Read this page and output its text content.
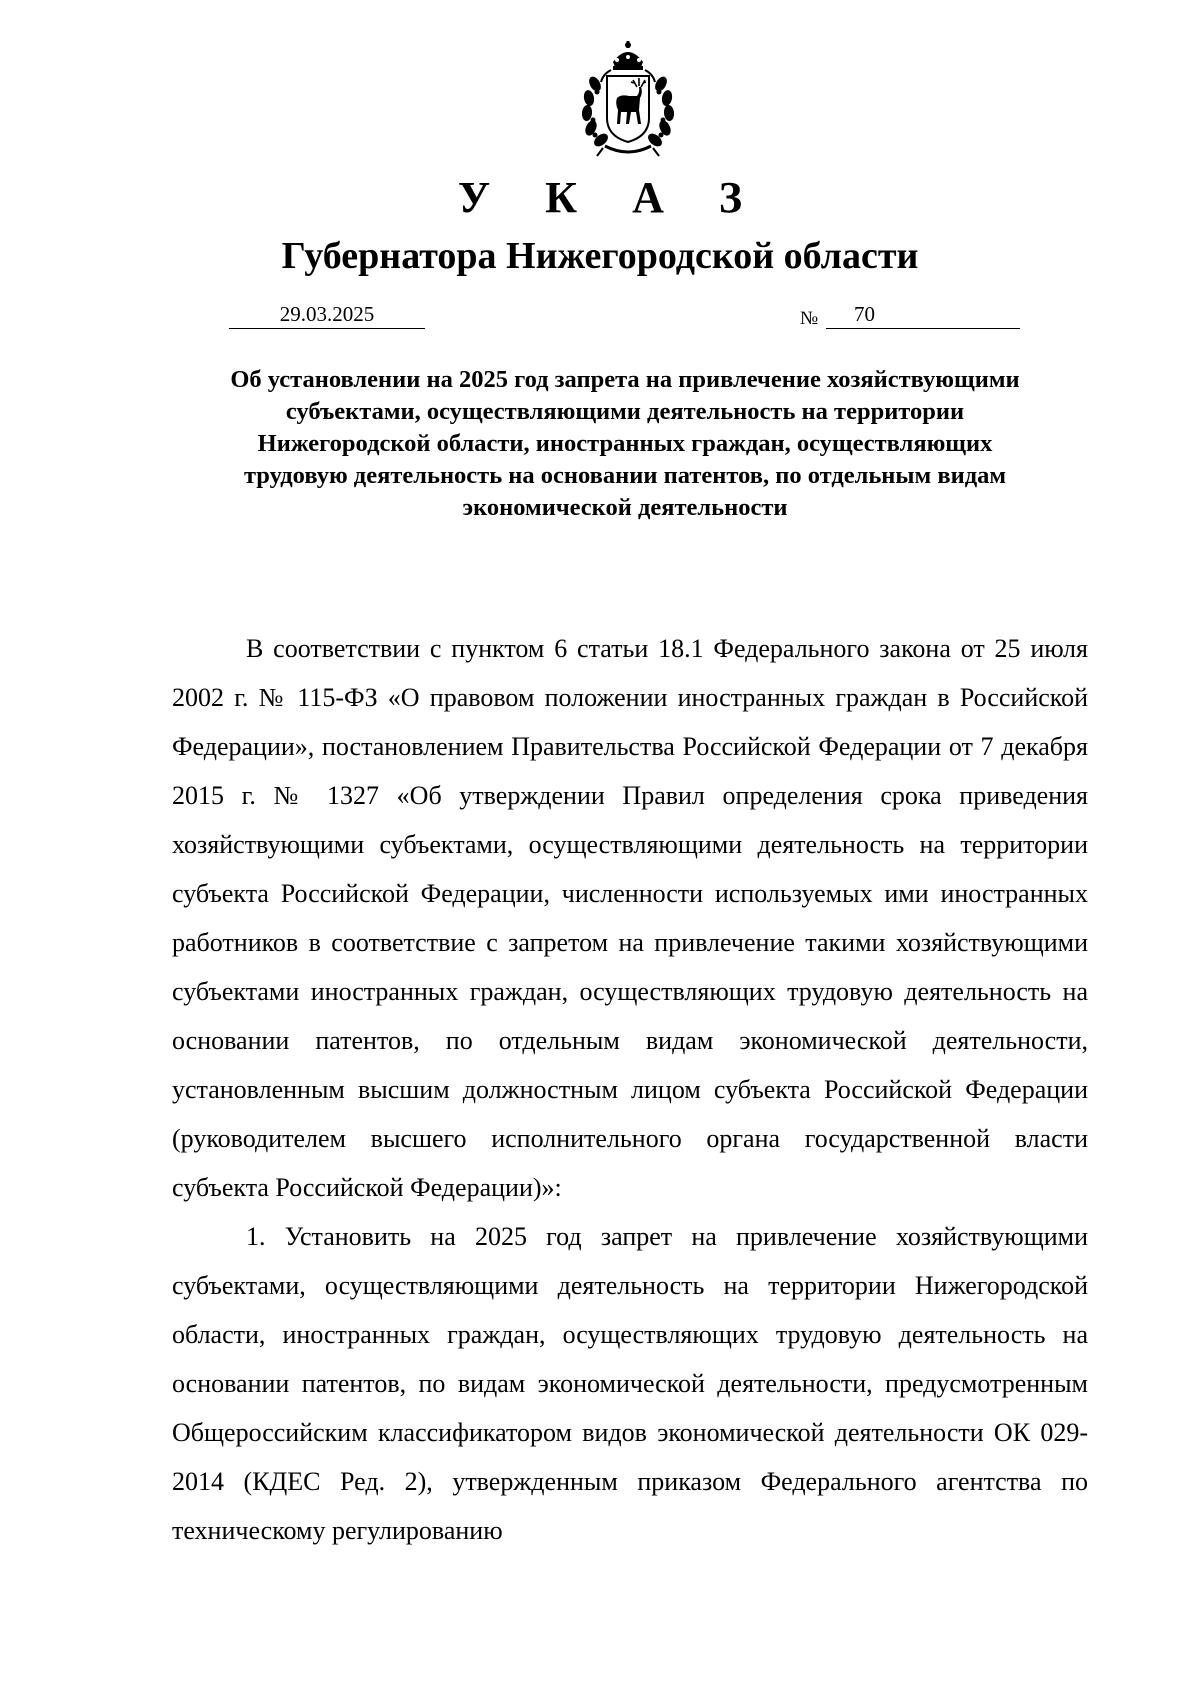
У К А З
Губернатора Нижегородской области
29.03.2025	№ 70
Об установлении на 2025 год запрета на привлечение хозяйствующими субъектами, осуществляющими деятельность на территории Нижегородской области, иностранных граждан, осуществляющих трудовую деятельность на основании патентов, по отдельным видам экономической деятельности

В соответствии с пунктом 6 статьи 18.1 Федерального закона от 25 июля 2002 г. № 115-ФЗ «О правовом положении иностранных граждан в Российской Федерации», постановлением Правительства Российской Федерации от 7 декабря 2015 г. № 1327 «Об утверждении Правил определения срока приведения хозяйствующими субъектами, осуществляющими деятельность на территории субъекта Российской Федерации, численности используемых ими иностранных работников в соответствие с запретом на привлечение такими хозяйствующими субъектами иностранных граждан, осуществляющих трудовую деятельность на основании патентов, по отдельным видам экономической деятельности, установленным высшим должностным лицом субъекта Российской Федерации (руководителем высшего исполнительного органа государственной власти субъекта Российской Федерации)»:

1. Установить на 2025 год запрет на привлечение хозяйствующими субъектами, осуществляющими деятельность на территории Нижегородской области, иностранных граждан, осуществляющих трудовую деятельность на основании патентов, по видам экономической деятельности, предусмотренным Общероссийским классификатором видов экономической деятельности ОК 029-2014 (КДЕС Ред. 2), утвержденным приказом Федерального агентства по техническому регулированию
